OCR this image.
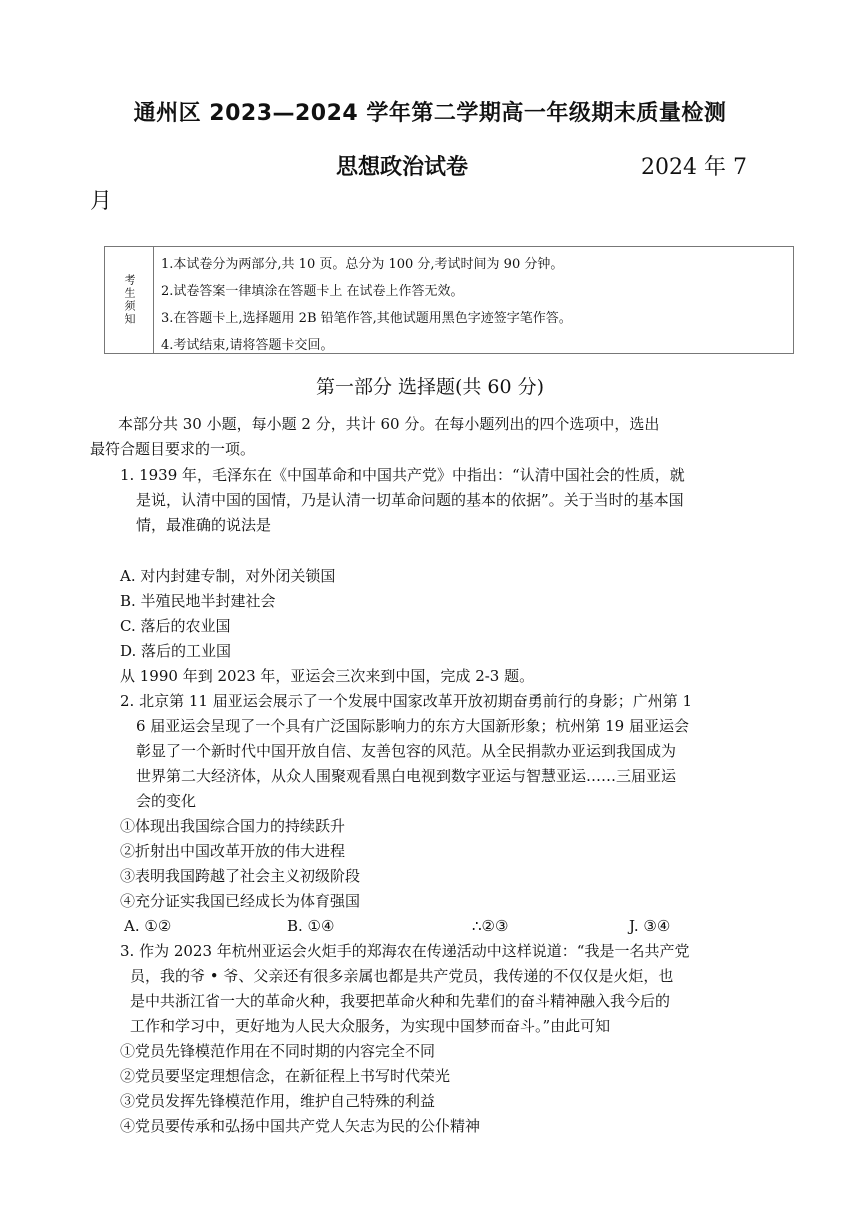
通州区 2023—2024 学年第二学期高一年级期末质量检测
思想政治试卷	2024 年 7
月
考生须知
1.本试卷分为两部分,共 10 页。总分为 100 分,考试时间为 90 分钟。
2.试卷答案一律填涂在答题卡上 在试卷上作答无效。
3.在答题卡上,选择题用 2B 铅笔作答,其他试题用黑色字迹签字笔作答。
4.考试结束,请将答题卡交回。
第一部分 选择题(共 60 分)
本部分共 30 小题，每小题 2 分，共计 60 分。在每小题列出的四个选项中，选出
最符合题目要求的一项。
1. 1939 年，毛泽东在《中国革命和中国共产党》中指出：“认清中国社会的性质，就
是说，认清中国的国情，乃是认清一切革命问题的基本的依据”。关于当时的基本国
情，最准确的说法是
A. 对内封建专制，对外闭关锁国
B. 半殖民地半封建社会
C. 落后的农业国
D. 落后的工业国
从 1990 年到 2023 年，亚运会三次来到中国，完成 2-3 题。
2. 北京第 11 届亚运会展示了一个发展中国家改革开放初期奋勇前行的身影；广州第 1
6 届亚运会呈现了一个具有广泛国际影响力的东方大国新形象；杭州第 19 届亚运会
彰显了一个新时代中国开放自信、友善包容的风范。从全民捐款办亚运到我国成为
世界第二大经济体，从众人围聚观看黑白电视到数字亚运与智慧亚运……三届亚运
会的变化
①体现出我国综合国力的持续跃升
②折射出中国改革开放的伟大进程
③表明我国跨越了社会主义初级阶段
④充分证实我国已经成长为体育强国
A. ①②	B. ①④	∴②③	J. ③④
3. 作为 2023 年杭州亚运会火炬手的郑海农在传递活动中这样说道：“我是一名共产党
员，我的爷 • 爷、父亲还有很多亲属也都是共产党员，我传递的不仅仅是火炬，也
是中共浙江省一大的革命火种，我要把革命火种和先辈们的奋斗精神融入我今后的
工作和学习中，更好地为人民大众服务，为实现中国梦而奋斗。”由此可知
①党员先锋模范作用在不同时期的内容完全不同
②党员要坚定理想信念，在新征程上书写时代荣光
③党员发挥先锋模范作用，维护自己特殊的利益
④党员要传承和弘扬中国共产党人矢志为民的公仆精神
